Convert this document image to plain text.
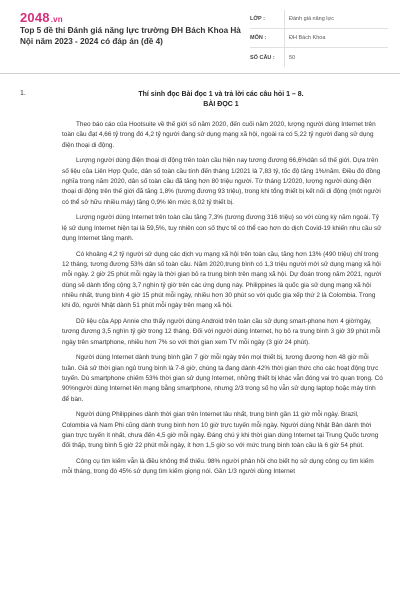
2048.vn
Top 5 đề thi Đánh giá năng lực trường ĐH Bách Khoa Hà Nội năm 2023 - 2024 có đáp án (đề 4)
LỚP :	Đánh giá năng lực
MÔN :	ĐH Bách Khoa
SỐ CÂU :	50
1.	Thí sinh đọc Bài đọc 1 và trả lời các câu hỏi 1 – 8.
BÀI ĐỌC 1

Theo báo cáo của Hootsuite về thế giới số năm 2020, đến cuối năm 2020, lượng người dùng Internet trên toàn cầu đạt 4,66 tỷ trong đó 4,2 tỷ người đang sử dụng mạng xã hội, ngoài ra có 5,22 tỷ người đang sử dụng điện thoại di động.

Lượng người dùng điện thoại di động trên toàn cầu hiện nay tương đương 66,6%dân số thế giới. Dựa trên số liệu của Liên Hợp Quốc, dân số toàn cầu tính đến tháng 1/2021 là 7,83 tỷ, tốc độ tăng 1%/năm. Điều đó đồng nghĩa trong năm 2020, dân số toàn cầu đã tăng hơn 80 triệu người. Từ tháng 1/2020, lượng người dùng điện thoại di động trên thế giới đã tăng 1,8% (tương đương 93 triệu), trong khi tổng thiết bị kết nối di động (một người có thể sở hữu nhiều máy) tăng 0,9% lên mức 8,02 tỷ thiết bị.

Lượng người dùng Internet trên toàn cầu tăng 7,3% (tương đương 316 triệu) so với cùng kỳ năm ngoái. Tỷ lệ sử dụng Internet hiện tại là 59,5%, tuy nhiên con số thực tế có thể cao hơn do dịch Covid-19 khiến nhu cầu sử dụng Internet tăng mạnh.

Có khoảng 4,2 tỷ người sử dụng các dịch vụ mạng xã hội trên toàn cầu, tăng hơn 13% (490 triệu) chỉ trong 12 tháng, tương đương 53% dân số toàn cầu. Năm 2020,trung bình có 1,3 triệu người mới sử dụng mạng xã hội mỗi ngày. 2 giờ 25 phút mỗi ngày là thời gian bỏ ra trung bình trên mạng xã hội. Dự đoán trong năm 2021, người dùng sẽ dành tổng cộng 3,7 nghìn tỷ giờ trên các ứng dụng này. Philippines là quốc gia sử dụng mạng xã hội nhiều nhất, trung bình 4 giờ 15 phút mỗi ngày, nhiều hơn 30 phút so với quốc gia xếp thứ 2 là Colombia. Trong khi đó, người Nhật dành 51 phút mỗi ngày trên mạng xã hội.

Dữ liệu của App Annie cho thấy người dùng Android trên toàn cầu sử dụng smart-phone hơn 4 giờ/ngày, tương đương 3,5 nghìn tỷ giờ trong 12 tháng. Đối với người dùng Internet, họ bỏ ra trung bình 3 giờ 39 phút mỗi ngày trên smartphone, nhiều hơn 7% so với thời gian xem TV mỗi ngày (3 giờ 24 phút).

Người dùng Internet dành trung bình gần 7 giờ mỗi ngày trên mọi thiết bị, tương đương hơn 48 giờ mỗi tuần. Giả sử thời gian ngủ trung bình là 7-8 giờ, chúng ta đang dành 42% thời gian thức cho các hoạt động trực tuyến. Dù smartphone chiếm 53% thời gian sử dụng Internet, những thiết bị khác vẫn đóng vai trò quan trọng. Có 90%người dùng Internet lên mạng bằng smartphone, nhưng 2/3 trong số họ vẫn sử dụng laptop hoặc máy tính để bàn.

Người dùng Philippines dành thời gian trên Internet lâu nhất, trung bình gần 11 giờ mỗi ngày. Brazil, Colombia và Nam Phi cũng dành trung bình hơn 10 giờ trực tuyến mỗi ngày. Người dùng Nhật Bản dành thời gian trực tuyến ít nhất, chưa đến 4,5 giờ mỗi ngày. Đáng chú ý khi thời gian dùng Internet tại Trung Quốc tương đối thấp, trung bình 5 giờ 22 phút mỗi ngày, ít hơn 1,5 giờ so với mức trung bình toàn cầu là 6 giờ 54 phút.

Công cụ tìm kiếm vẫn là điều không thể thiếu. 98% người phản hồi cho biết họ sử dụng công cụ tìm kiếm mỗi tháng, trong đó 45% sử dụng tìm kiếm giọng nói. Gần 1/3 người dùng Internet
